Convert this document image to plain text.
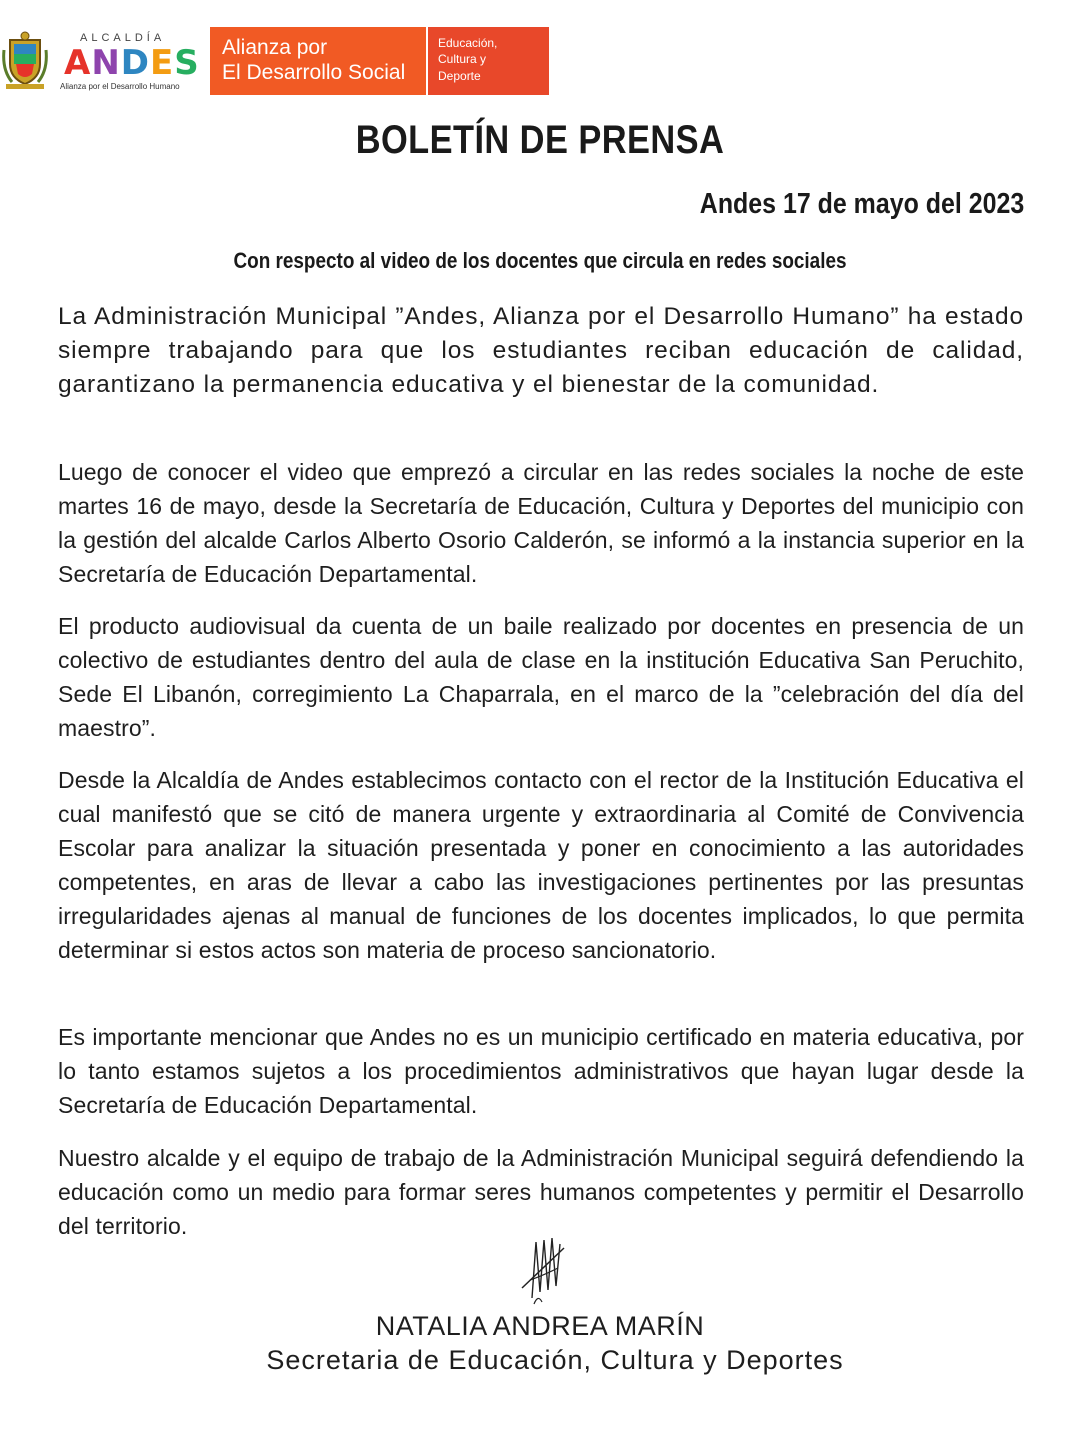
ALCALDÍA
ANDES
Alianza por el Desarrollo Humano
Alianza por
El Desarrollo Social
Educación,
Cultura y
Deporte
BOLETÍN DE PRENSA
Andes 17 de mayo del 2023
Con respecto al video de los docentes que circula en redes sociales
La Administración Municipal ”Andes, Alianza por el Desarrollo Humano” ha estado siempre trabajando para que los estudiantes reciban educación de calidad, garantizano la permanencia educativa y el bienestar de la comunidad.
Luego de conocer el video que emprezó a circular en las redes sociales la noche de este martes 16 de mayo, desde la Secretaría de Educación, Cultura y Deportes del municipio con la gestión del alcalde Carlos Alberto Osorio Calderón, se informó a la instancia superior en la Secretaría de Educación Departamental.
El producto audiovisual da cuenta de un baile realizado por docentes en presencia de un colectivo de estudiantes dentro del aula de clase en la institución Educativa San Peruchito, Sede El Libanón, corregimiento La Chaparrala, en el marco de la ”celebración del día del maestro”.
Desde la Alcaldía de Andes establecimos contacto con el rector de la Institución Educativa el cual manifestó que se citó de manera urgente y extraordinaria al Comité de Convivencia Escolar para analizar la situación presentada y poner en conocimiento a las autoridades competentes, en aras de llevar a cabo las investigaciones pertinentes por las presuntas irregularidades ajenas al manual de funciones de los docentes implicados, lo que permita determinar si estos actos son materia de proceso sancionatorio.
Es importante mencionar que Andes no es un municipio certificado en materia educativa, por lo tanto estamos sujetos a los procedimientos administrativos que hayan lugar desde la Secretaría de Educación Departamental.
Nuestro alcalde y el equipo de trabajo de la Administración Municipal seguirá defendiendo la educación como un medio para formar seres humanos competentes y permitir el Desarrollo del territorio.
NATALIA ANDREA MARÍN
Secretaria de Educación, Cultura y Deportes
